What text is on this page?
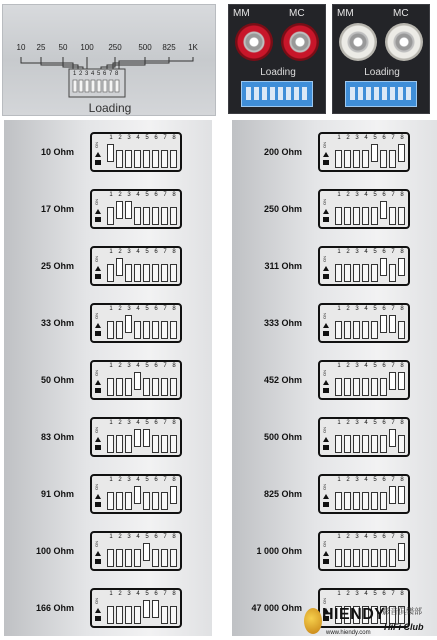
1 2 3 4 5 6 7 8
10 25 50 100 250 500 825 1K
Loading
MM	MC
Loading
MM	MC
Loading
10 Ohm
ON
1 2 3 4 5 6 7 8
17 Ohm
ON
1 2 3 4 5 6 7 8
25 Ohm
ON
1 2 3 4 5 6 7 8
33 Ohm
ON
1 2 3 4 5 6 7 8
50 Ohm
ON
1 2 3 4 5 6 7 8
83 Ohm
ON
1 2 3 4 5 6 7 8
91 Ohm
ON
1 2 3 4 5 6 7 8
100 Ohm
ON
1 2 3 4 5 6 7 8
166 Ohm
ON
1 2 3 4 5 6 7 8
200 Ohm
ON
1 2 3 4 5 6 7 8
250 Ohm
ON
1 2 3 4 5 6 7 8
311 Ohm
ON
1 2 3 4 5 6 7 8
333 Ohm
ON
1 2 3 4 5 6 7 8
452 Ohm
ON
1 2 3 4 5 6 7 8
500 Ohm
ON
1 2 3 4 5 6 7 8
825 Ohm
ON
1 2 3 4 5 6 7 8
1 000 Ohm
ON
1 2 3 4 5 6 7 8
47 000 Ohm
ON
1 2 3 4 5 6 7 8
HIENDY
影音俱樂部
HiFi Club
www.hiendy.com
